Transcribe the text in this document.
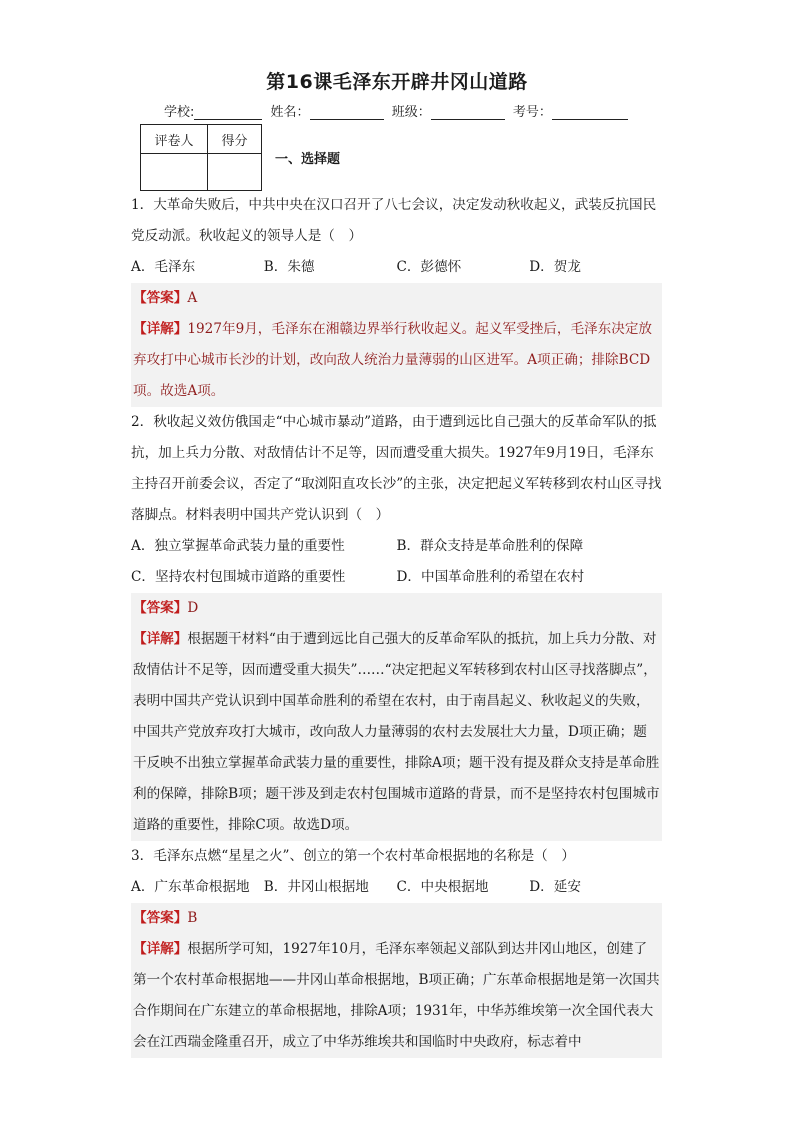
第16课毛泽东开辟井冈山道路
学校:	姓名：	班级：	考号：
评卷人	得分

一、选择题

1．大革命失败后，中共中央在汉口召开了八七会议，决定发动秋收起义，武装反抗国民党反动派。秋收起义的领导人是（　）

A．毛泽东	B．朱德	C．彭德怀	D．贺龙
【答案】A
【详解】1927年9月，毛泽东在湘赣边界举行秋收起义。起义军受挫后，毛泽东决定放弃攻打中心城市长沙的计划，改向敌人统治力量薄弱的山区进军。A项正确；排除BCD项。故选A项。

2．秋收起义效仿俄国走“中心城市暴动”道路，由于遭到远比自己强大的反革命军队的抵抗，加上兵力分散、对敌情估计不足等，因而遭受重大损失。1927年9月19日，毛泽东主持召开前委会议，否定了“取浏阳直攻长沙”的主张，决定把起义军转移到农村山区寻找落脚点。材料表明中国共产党认识到（　）

A．独立掌握革命武装力量的重要性	B．群众支持是革命胜利的保障
C．坚持农村包围城市道路的重要性	D．中国革命胜利的希望在农村
【答案】D
【详解】根据题干材料“由于遭到远比自己强大的反革命军队的抵抗，加上兵力分散、对敌情估计不足等，因而遭受重大损失”……“决定把起义军转移到农村山区寻找落脚点”，表明中国共产党认识到中国革命胜利的希望在农村，由于南昌起义、秋收起义的失败，中国共产党放弃攻打大城市，改向敌人力量薄弱的农村去发展壮大力量，D项正确；题干反映不出独立掌握革命武装力量的重要性，排除A项；题干没有提及群众支持是革命胜利的保障，排除B项；题干涉及到走农村包围城市道路的背景，而不是坚持农村包围城市道路的重要性，排除C项。故选D项。

3．毛泽东点燃“星星之火”、创立的第一个农村革命根据地的名称是（　）

A．广东革命根据地	B．井冈山根据地	C．中央根据地	D．延安
【答案】B
【详解】根据所学可知，1927年10月，毛泽东率领起义部队到达井冈山地区，创建了第一个农村革命根据地——井冈山革命根据地，B项正确；广东革命根据地是第一次国共合作期间在广东建立的革命根据地，排除A项；1931年，中华苏维埃第一次全国代表大会在江西瑞金隆重召开，成立了中华苏维埃共和国临时中央政府，标志着中
